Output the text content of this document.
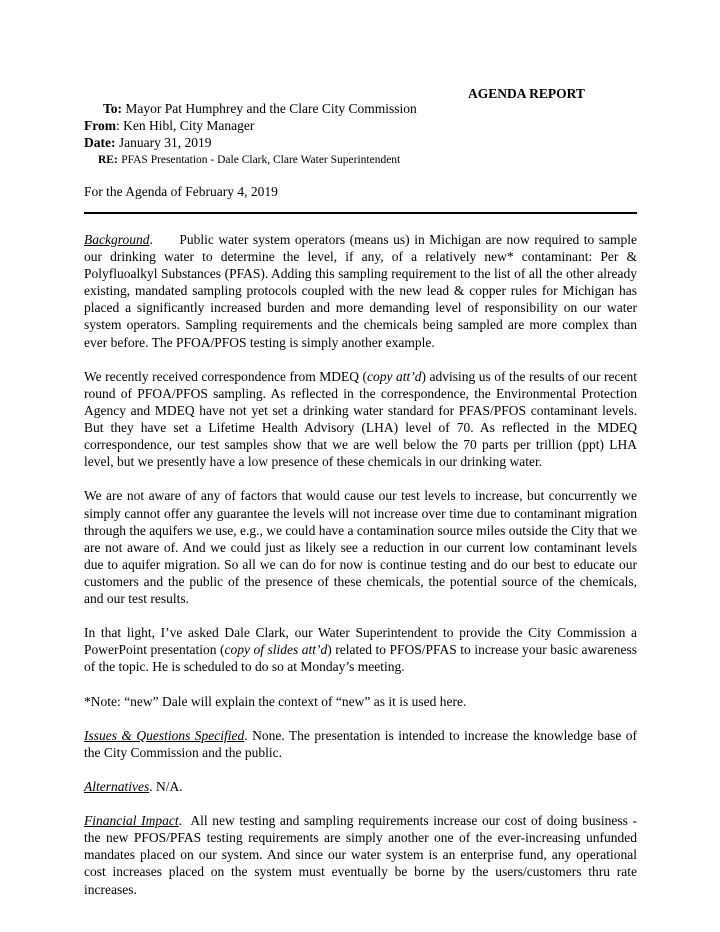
AGENDA REPORT
To: Mayor Pat Humphrey and the Clare City Commission
From: Ken Hibl, City Manager
Date: January 31, 2019
RE: PFAS Presentation - Dale Clark, Clare Water Superintendent
For the Agenda of February 4, 2019

Background. Public water system operators (means us) in Michigan are now required to sample our drinking water to determine the level, if any, of a relatively new* contaminant: Per & Polyfluoalkyl Substances (PFAS). Adding this sampling requirement to the list of all the other already existing, mandated sampling protocols coupled with the new lead & copper rules for Michigan has placed a significantly increased burden and more demanding level of responsibility on our water system operators. Sampling requirements and the chemicals being sampled are more complex than ever before. The PFOA/PFOS testing is simply another example.

We recently received correspondence from MDEQ (copy att’d) advising us of the results of our recent round of PFOA/PFOS sampling. As reflected in the correspondence, the Environmental Protection Agency and MDEQ have not yet set a drinking water standard for PFAS/PFOS contaminant levels. But they have set a Lifetime Health Advisory (LHA) level of 70. As reflected in the MDEQ correspondence, our test samples show that we are well below the 70 parts per trillion (ppt) LHA level, but we presently have a low presence of these chemicals in our drinking water.

We are not aware of any of factors that would cause our test levels to increase, but concurrently we simply cannot offer any guarantee the levels will not increase over time due to contaminant migration through the aquifers we use, e.g., we could have a contamination source miles outside the City that we are not aware of. And we could just as likely see a reduction in our current low contaminant levels due to aquifer migration. So all we can do for now is continue testing and do our best to educate our customers and the public of the presence of these chemicals, the potential source of the chemicals, and our test results.

In that light, I’ve asked Dale Clark, our Water Superintendent to provide the City Commission a PowerPoint presentation (copy of slides att’d) related to PFOS/PFAS to increase your basic awareness of the topic. He is scheduled to do so at Monday’s meeting.

*Note: “new” Dale will explain the context of “new” as it is used here.

Issues & Questions Specified. None. The presentation is intended to increase the knowledge base of the City Commission and the public.

Alternatives. N/A.

Financial Impact.  All new testing and sampling requirements increase our cost of doing business - the new PFOS/PFAS testing requirements are simply another one of the ever-increasing unfunded mandates placed on our system. And since our water system is an enterprise fund, any operational cost increases placed on the system must eventually be borne by the users/customers thru rate increases.
